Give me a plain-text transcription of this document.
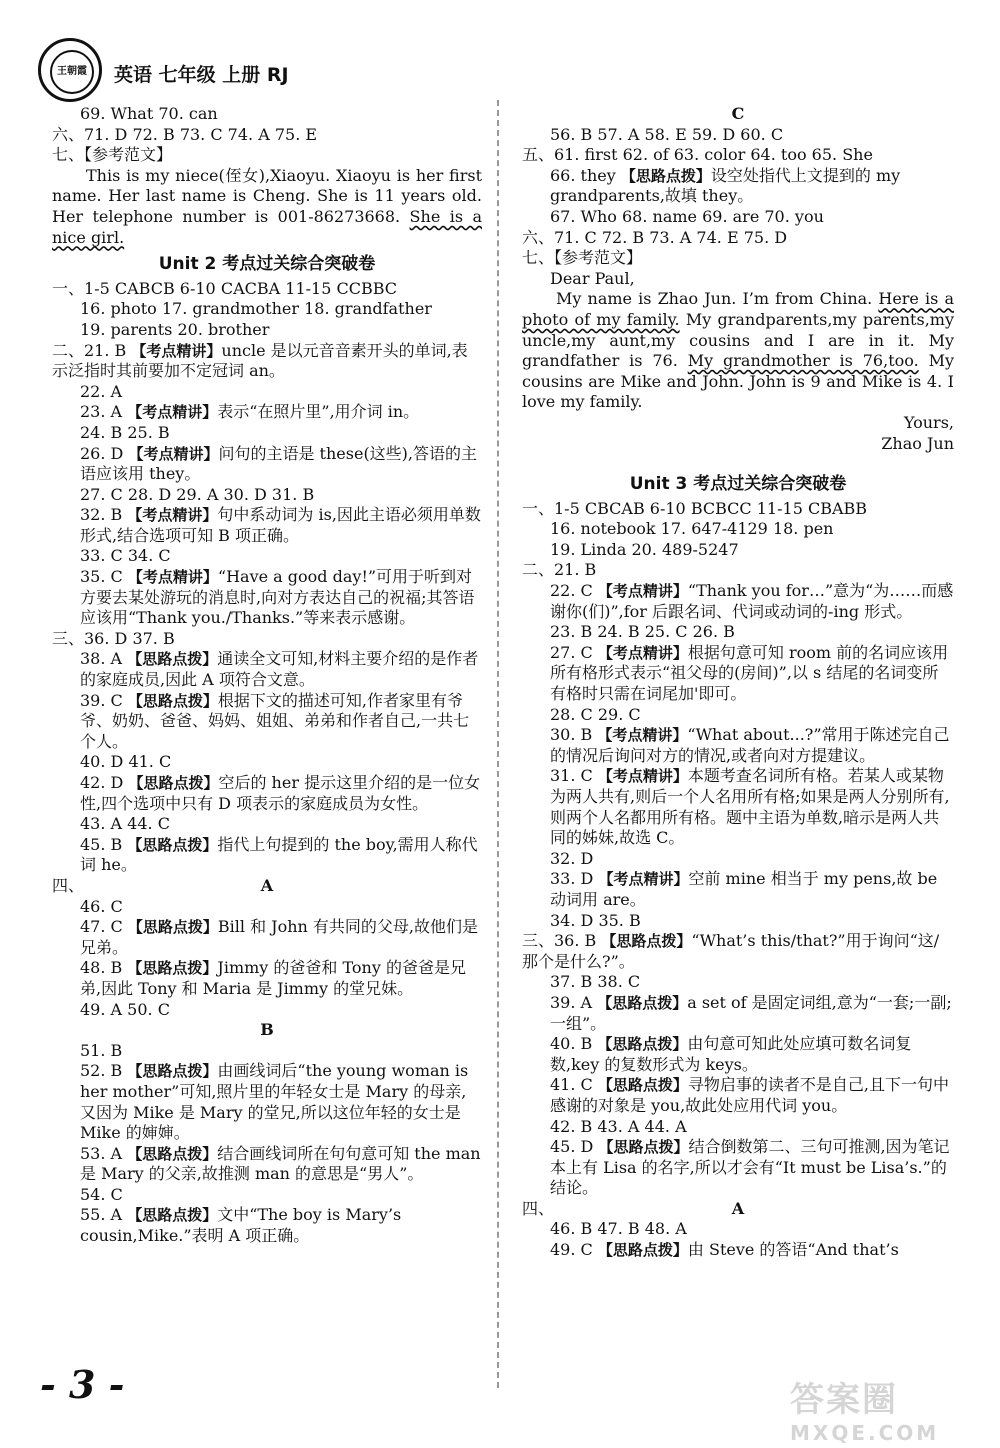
王朝霞 英语 七年级 上册 RJ
69. What 70. can
六、71. D 72. B 73. C 74. A 75. E
七、【参考范文】
This is my niece(侄女),Xiaoyu. Xiaoyu is her first name. Her last name is Cheng. She is 11 years old. Her telephone number is 001-86273668. She is a nice girl.
Unit 2 考点过关综合突破卷
一、1-5 CABCB 6-10 CACBA 11-15 CCBBC
16. photo 17. grandmother 18. grandfather
19. parents 20. brother
二、21. B 【考点精讲】uncle 是以元音音素开头的单词,表示泛指时其前要加不定冠词 an。
22. A
23. A 【考点精讲】表示“在照片里”,用介词 in。
24. B 25. B
26. D 【考点精讲】问句的主语是 these(这些),答语的主语应该用 they。
27. C 28. D 29. A 30. D 31. B
32. B 【考点精讲】句中系动词为 is,因此主语必须用单数形式,结合选项可知 B 项正确。
33. C 34. C
35. C 【考点精讲】“Have a good day!”可用于听到对方要去某处游玩的消息时,向对方表达自己的祝福;其答语应该用“Thank you./Thanks.”等来表示感谢。
三、36. D 37. B
38. A 【思路点拨】通读全文可知,材料主要介绍的是作者的家庭成员,因此 A 项符合文意。
39. C 【思路点拨】根据下文的描述可知,作者家里有爷爷、奶奶、爸爸、妈妈、姐姐、弟弟和作者自己,一共七个人。
40. D 41. C
42. D 【思路点拨】空后的 her 提示这里介绍的是一位女性,四个选项中只有 D 项表示的家庭成员为女性。
43. A 44. C
45. B 【思路点拨】指代上句提到的 the boy,需用人称代词 he。
四、	A
46. C
47. C 【思路点拨】Bill 和 John 有共同的父母,故他们是兄弟。
48. B 【思路点拨】Jimmy 的爸爸和 Tony 的爸爸是兄弟,因此 Tony 和 Maria 是 Jimmy 的堂兄妹。
49. A 50. C
B
51. B
52. B 【思路点拨】由画线词后“the young woman is her mother”可知,照片里的年轻女士是 Mary 的母亲,又因为 Mike 是 Mary 的堂兄,所以这位年轻的女士是 Mike 的婶婶。
53. A 【思路点拨】结合画线词所在句句意可知 the man 是 Mary 的父亲,故推测 man 的意思是“男人”。
54. C
55. A 【思路点拨】文中“The boy is Mary’s cousin,Mike.”表明 A 项正确。
C
56. B 57. A 58. E 59. D 60. C
五、61. first 62. of 63. color 64. too 65. She
66. they 【思路点拨】设空处指代上文提到的 my grandparents,故填 they。
67. Who 68. name 69. are 70. you
六、71. C 72. B 73. A 74. E 75. D
七、【参考范文】
Dear Paul,
My name is Zhao Jun. I’m from China. Here is a photo of my family. My grandparents,my parents,my uncle,my aunt,my cousins and I are in it. My grandfather is 76. My grandmother is 76,too. My cousins are Mike and John. John is 9 and Mike is 4. I love my family.
Yours,
Zhao Jun
Unit 3 考点过关综合突破卷
一、1-5 CBCAB 6-10 BCBCC 11-15 CBABB
16. notebook 17. 647-4129 18. pen
19. Linda 20. 489-5247
二、21. B
22. C 【考点精讲】“Thank you for…”意为“为……而感谢你(们)”,for 后跟名词、代词或动词的-ing 形式。
23. B 24. B 25. C 26. B
27. C 【考点精讲】根据句意可知 room 前的名词应该用所有格形式表示“祖父母的(房间)”,以 s 结尾的名词变所有格时只需在词尾加'即可。
28. C 29. C
30. B 【考点精讲】“What about...?”常用于陈述完自己的情况后询问对方的情况,或者向对方提建议。
31. C 【考点精讲】本题考查名词所有格。若某人或某物为两人共有,则后一个人名用所有格;如果是两人分别所有,则两个人名都用所有格。题中主语为单数,暗示是两人共同的姊妹,故选 C。
32. D
33. D 【考点精讲】空前 mine 相当于 my pens,故 be 动词用 are。
34. D 35. B
三、36. B 【思路点拨】“What’s this/that?”用于询问“这/那个是什么?”。
37. B 38. C
39. A 【思路点拨】a set of 是固定词组,意为“一套;一副;一组”。
40. B 【思路点拨】由句意可知此处应填可数名词复数,key 的复数形式为 keys。
41. C 【思路点拨】寻物启事的读者不是自己,且下一句中感谢的对象是 you,故此处应用代词 you。
42. B 43. A 44. A
45. D 【思路点拨】结合倒数第二、三句可推测,因为笔记本上有 Lisa 的名字,所以才会有“It must be Lisa’s.”的结论。
四、	A
46. B 47. B 48. A
49. C 【思路点拨】由 Steve 的答语“And that’s
- 3 -	答案圈
MXQE.COM
